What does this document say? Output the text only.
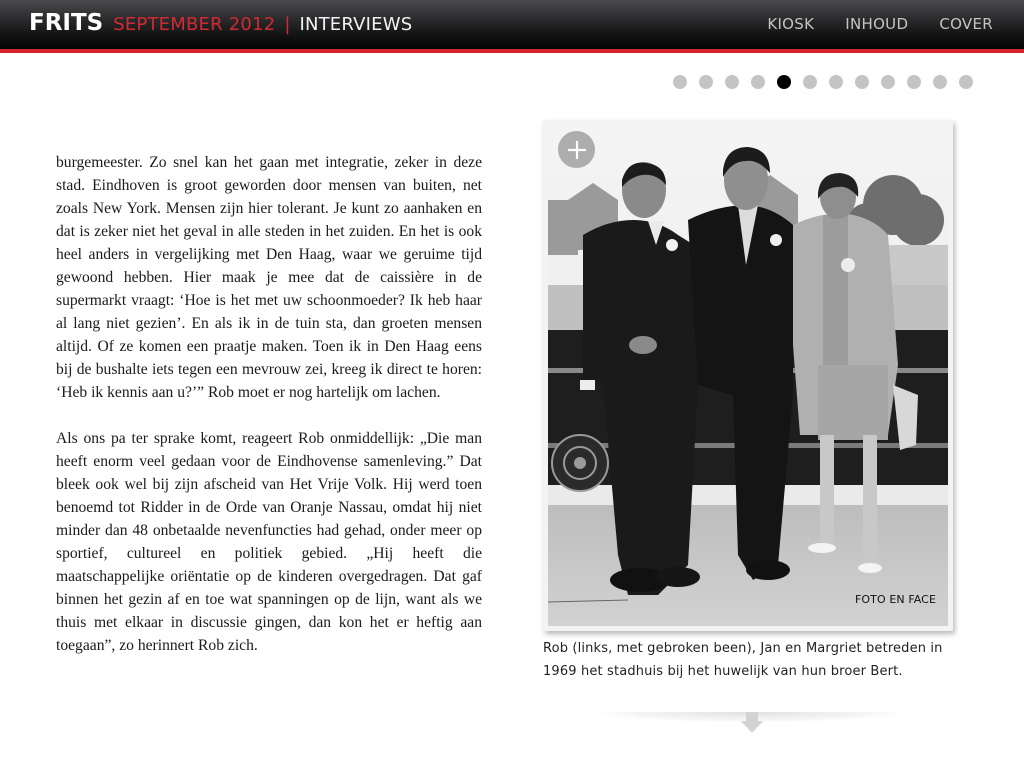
FRITS SEPTEMBER 2012 | INTERVIEWS	KIOSK INHOUD COVER

burgemeester. Zo snel kan het gaan met integratie, zeker in deze stad. Eindhoven is groot geworden door mensen van buiten, net zoals New York. Mensen zijn hier tolerant. Je kunt zo aanhaken en dat is zeker niet het geval in alle steden in het zuiden. En het is ook heel anders in vergelijking met Den Haag, waar we geruime tijd gewoond hebben. Hier maak je mee dat de caissière in de supermarkt vraagt: ‘Hoe is het met uw schoonmoeder? Ik heb haar al lang niet gezien’. En als ik in de tuin sta, dan groeten mensen altijd. Of ze komen een praatje maken. Toen ik in Den Haag eens bij de bushalte iets tegen een mevrouw zei, kreeg ik direct te horen: ‘Heb ik kennis aan u?’” Rob moet er nog hartelijk om lachen.

Als ons pa ter sprake komt, reageert Rob onmiddellijk: „Die man heeft enorm veel gedaan voor de Eindhovense samenleving.” Dat bleek ook wel bij zijn afscheid van Het Vrije Volk. Hij werd toen benoemd tot Ridder in de Orde van Oranje Nassau, omdat hij niet minder dan 48 onbetaalde nevenfuncties had gehad, onder meer op sportief, cultureel en politiek gebied. „Hij heeft die maatschappelijke oriëntatie op de kinderen overgedragen. Dat gaf binnen het gezin af en toe wat spanningen op de lijn, want als we thuis met elkaar in discussie gingen, dan kon het er heftig aan toegaan”, zo herinnert Rob zich.

FOTO EN FACE
Rob (links, met gebroken been), Jan en Margriet betreden in 1969 het stadhuis bij het huwelijk van hun broer Bert.
